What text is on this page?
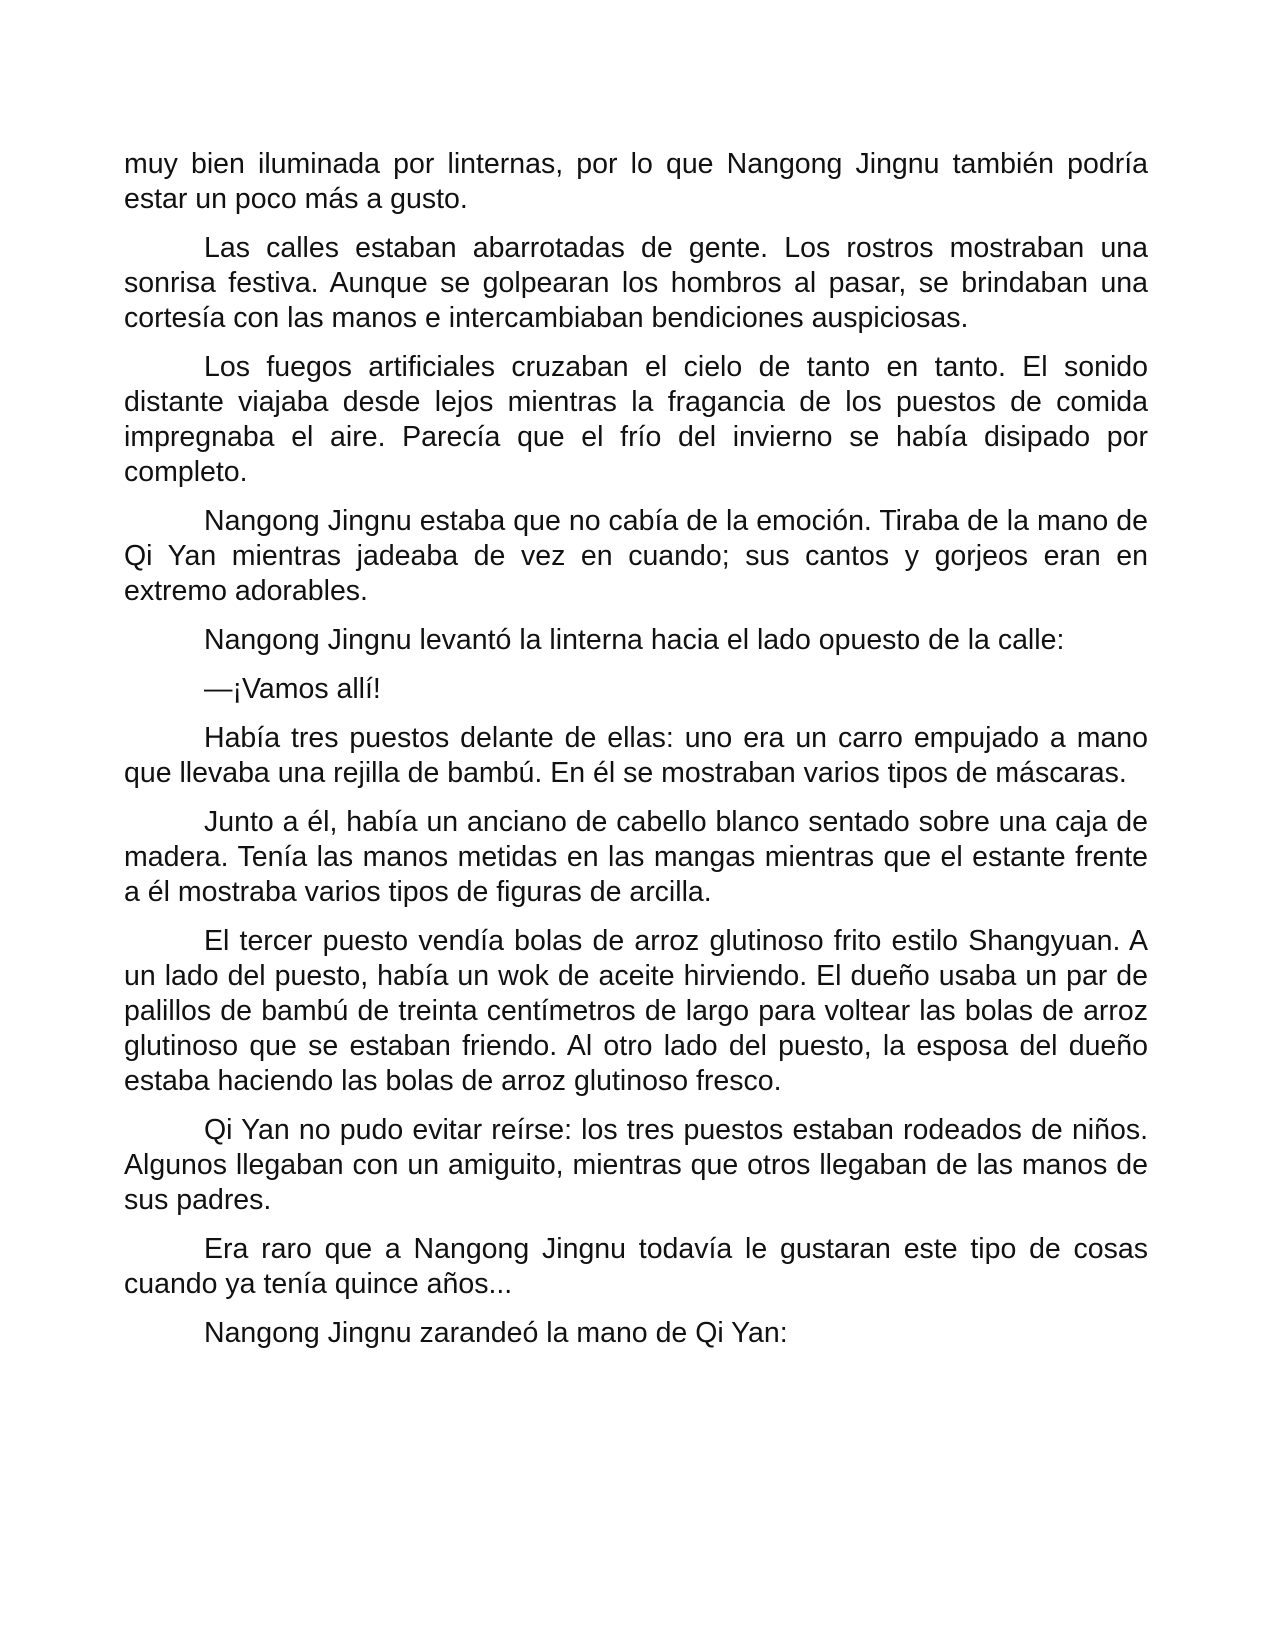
muy bien iluminada por linternas, por lo que Nangong Jingnu también podría estar un poco más a gusto.

Las calles estaban abarrotadas de gente. Los rostros mostraban una sonrisa festiva. Aunque se golpearan los hombros al pasar, se brindaban una cortesía con las manos e intercambiaban bendiciones auspiciosas.

Los fuegos artificiales cruzaban el cielo de tanto en tanto. El sonido distante viajaba desde lejos mientras la fragancia de los puestos de comida impregnaba el aire. Parecía que el frío del invierno se había disipado por completo.

Nangong Jingnu estaba que no cabía de la emoción. Tiraba de la mano de Qi Yan mientras jadeaba de vez en cuando; sus cantos y gorjeos eran en extremo adorables.

Nangong Jingnu levantó la linterna hacia el lado opuesto de la calle:

—¡Vamos allí!

Había tres puestos delante de ellas: uno era un carro empujado a mano que llevaba una rejilla de bambú. En él se mostraban varios tipos de máscaras.

Junto a él, había un anciano de cabello blanco sentado sobre una caja de madera. Tenía las manos metidas en las mangas mientras que el estante frente a él mostraba varios tipos de figuras de arcilla.

El tercer puesto vendía bolas de arroz glutinoso frito estilo Shangyuan. A un lado del puesto, había un wok de aceite hirviendo. El dueño usaba un par de palillos de bambú de treinta centímetros de largo para voltear las bolas de arroz glutinoso que se estaban friendo. Al otro lado del puesto, la esposa del dueño estaba haciendo las bolas de arroz glutinoso fresco.

Qi Yan no pudo evitar reírse: los tres puestos estaban rodeados de niños. Algunos llegaban con un amiguito, mientras que otros llegaban de las manos de sus padres.

Era raro que a Nangong Jingnu todavía le gustaran este tipo de cosas cuando ya tenía quince años...

Nangong Jingnu zarandeó la mano de Qi Yan:
